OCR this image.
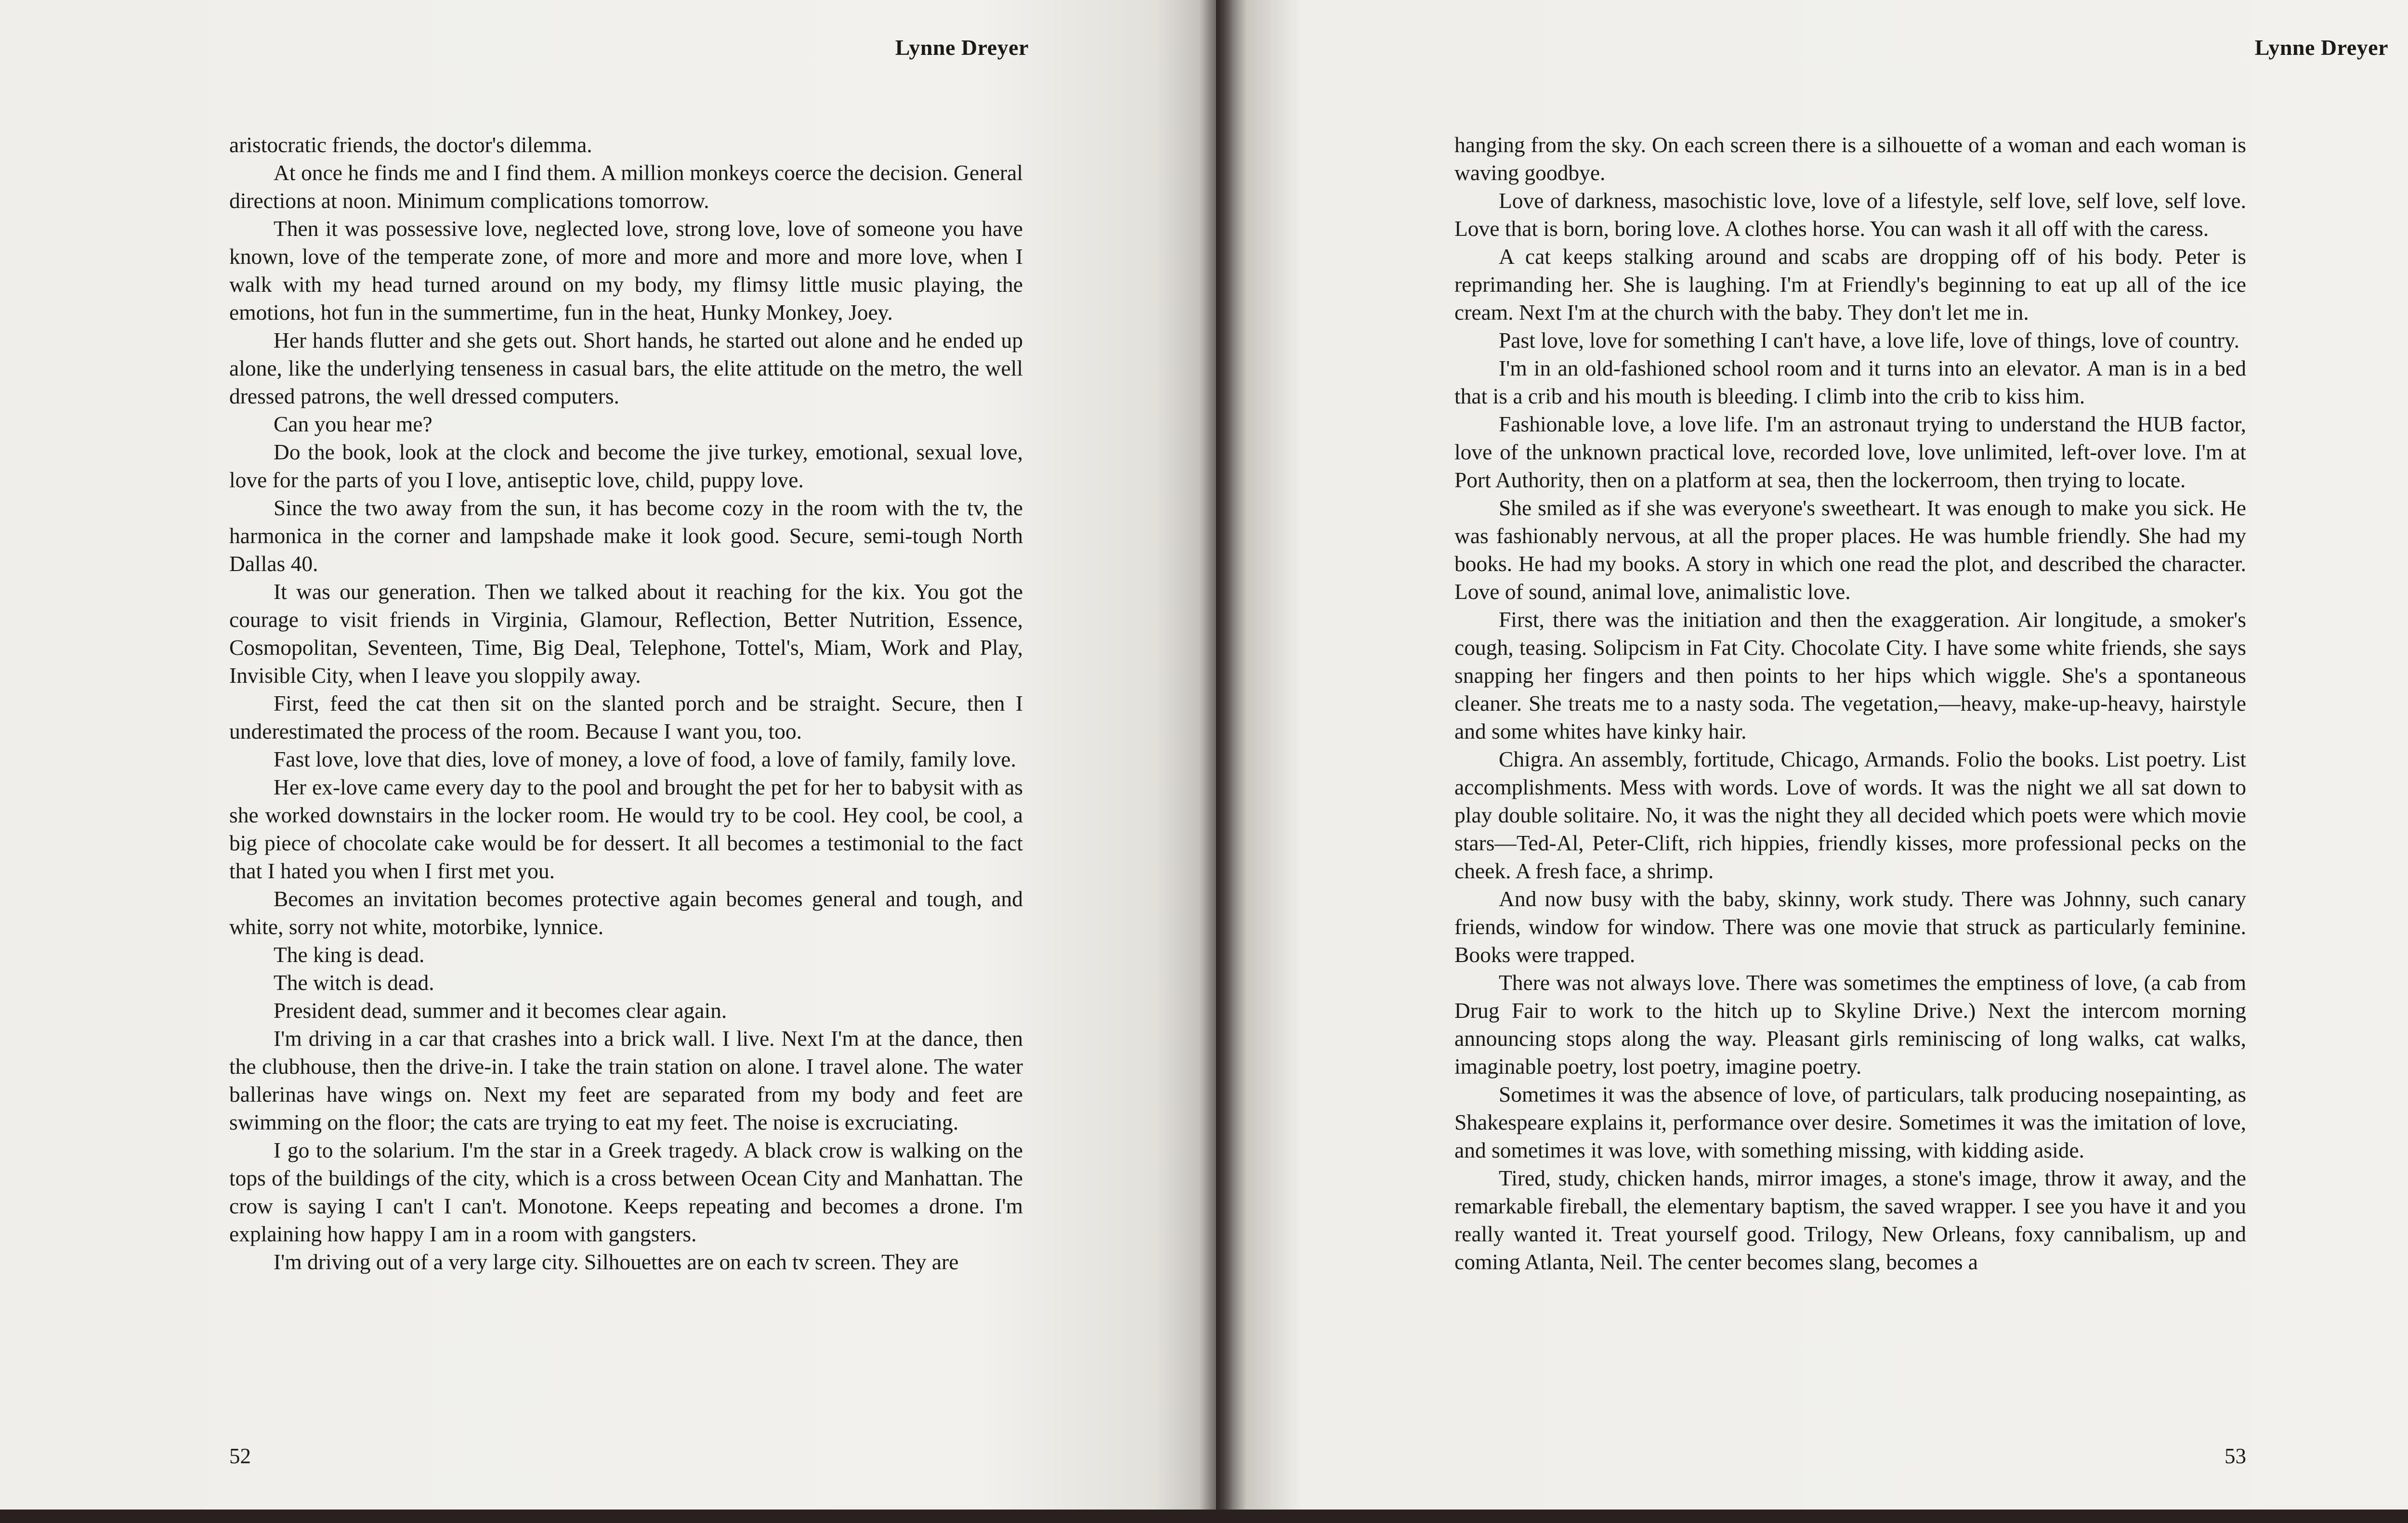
Lynne Dreyer

aristocratic friends, the doctor's dilemma.

At once he finds me and I find them. A million monkeys coerce the decision. General directions at noon. Minimum complications tomorrow.

Then it was possessive love, neglected love, strong love, love of someone you have known, love of the temperate zone, of more and more and more and more love, when I walk with my head turned around on my body, my flimsy little music playing, the emotions, hot fun in the summertime, fun in the heat, Hunky Monkey, Joey.

Her hands flutter and she gets out. Short hands, he started out alone and he ended up alone, like the underlying tenseness in casual bars, the elite attitude on the metro, the well dressed patrons, the well dressed computers.

Can you hear me?

Do the book, look at the clock and become the jive turkey, emotional, sexual love, love for the parts of you I love, antiseptic love, child, puppy love.

Since the two away from the sun, it has become cozy in the room with the tv, the harmonica in the corner and lampshade make it look good. Secure, semi-tough North Dallas 40.

It was our generation. Then we talked about it reaching for the kix. You got the courage to visit friends in Virginia, Glamour, Reflection, Better Nutrition, Essence, Cosmopolitan, Seventeen, Time, Big Deal, Telephone, Tottel's, Miam, Work and Play, Invisible City, when I leave you sloppily away.

First, feed the cat then sit on the slanted porch and be straight. Secure, then I underestimated the process of the room. Because I want you, too.

Fast love, love that dies, love of money, a love of food, a love of family, family love.

Her ex-love came every day to the pool and brought the pet for her to babysit with as she worked downstairs in the locker room. He would try to be cool. Hey cool, be cool, a big piece of chocolate cake would be for dessert. It all becomes a testimonial to the fact that I hated you when I first met you.

Becomes an invitation becomes protective again becomes general and tough, and white, sorry not white, motorbike, lynnice.

The king is dead.

The witch is dead.

President dead, summer and it becomes clear again.

I'm driving in a car that crashes into a brick wall. I live. Next I'm at the dance, then the clubhouse, then the drive-in. I take the train station on alone. I travel alone. The water ballerinas have wings on. Next my feet are separated from my body and feet are swimming on the floor; the cats are trying to eat my feet. The noise is excruciating.

I go to the solarium. I'm the star in a Greek tragedy. A black crow is walking on the tops of the buildings of the city, which is a cross between Ocean City and Manhattan. The crow is saying I can't I can't. Monotone. Keeps repeating and becomes a drone. I'm explaining how happy I am in a room with gangsters.

I'm driving out of a very large city. Silhouettes are on each tv screen. They are

52
Lynne Dreyer

hanging from the sky. On each screen there is a silhouette of a woman and each woman is waving goodbye.

Love of darkness, masochistic love, love of a lifestyle, self love, self love, self love. Love that is born, boring love. A clothes horse. You can wash it all off with the caress.

A cat keeps stalking around and scabs are dropping off of his body. Peter is reprimanding her. She is laughing. I'm at Friendly's beginning to eat up all of the ice cream. Next I'm at the church with the baby. They don't let me in.

Past love, love for something I can't have, a love life, love of things, love of country.

I'm in an old-fashioned school room and it turns into an elevator. A man is in a bed that is a crib and his mouth is bleeding. I climb into the crib to kiss him.

Fashionable love, a love life. I'm an astronaut trying to understand the HUB factor, love of the unknown practical love, recorded love, love unlimited, left-over love. I'm at Port Authority, then on a platform at sea, then the lockerroom, then trying to locate.

She smiled as if she was everyone's sweetheart. It was enough to make you sick. He was fashionably nervous, at all the proper places. He was humble friendly. She had my books. He had my books. A story in which one read the plot, and described the character. Love of sound, animal love, animalistic love.

First, there was the initiation and then the exaggeration. Air longitude, a smoker's cough, teasing. Solipcism in Fat City. Chocolate City. I have some white friends, she says snapping her fingers and then points to her hips which wiggle. She's a spontaneous cleaner. She treats me to a nasty soda. The vegetation,—heavy, make-up-heavy, hairstyle and some whites have kinky hair.

Chigra. An assembly, fortitude, Chicago, Armands. Folio the books. List poetry. List accomplishments. Mess with words. Love of words. It was the night we all sat down to play double solitaire. No, it was the night they all decided which poets were which movie stars—Ted-Al, Peter-Clift, rich hippies, friendly kisses, more professional pecks on the cheek. A fresh face, a shrimp.

And now busy with the baby, skinny, work study. There was Johnny, such canary friends, window for window. There was one movie that struck as particularly feminine. Books were trapped.

There was not always love. There was sometimes the emptiness of love, (a cab from Drug Fair to work to the hitch up to Skyline Drive.) Next the intercom morning announcing stops along the way. Pleasant girls reminiscing of long walks, cat walks, imaginable poetry, lost poetry, imagine poetry.

Sometimes it was the absence of love, of particulars, talk producing nosepainting, as Shakespeare explains it, performance over desire. Sometimes it was the imitation of love, and sometimes it was love, with something missing, with kidding aside.

Tired, study, chicken hands, mirror images, a stone's image, throw it away, and the remarkable fireball, the elementary baptism, the saved wrapper. I see you have it and you really wanted it. Treat yourself good. Trilogy, New Orleans, foxy cannibalism, up and coming Atlanta, Neil. The center becomes slang, becomes a

53
